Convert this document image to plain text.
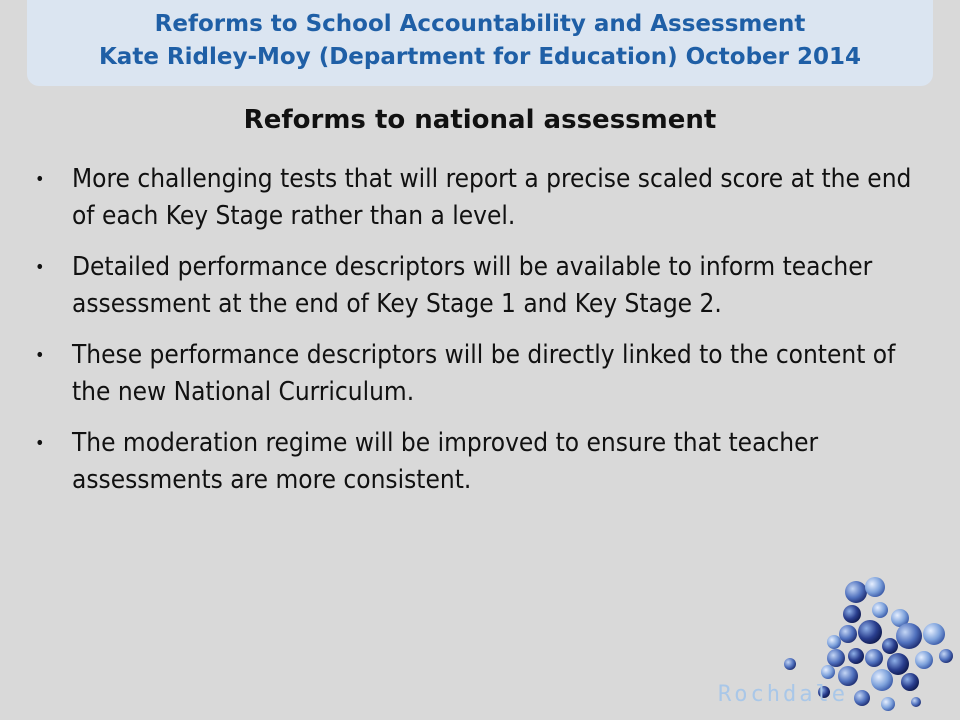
Reforms to School Accountability and Assessment
Kate Ridley-Moy (Department for Education) October 2014
Reforms to national assessment
• More challenging tests that will report a precise scaled score at the end of each Key Stage rather than a level.
• Detailed performance descriptors will be available to inform teacher assessment at the end of Key Stage 1 and Key Stage 2.
• These performance descriptors will be directly linked to the content of the new National Curriculum.
• The moderation regime will be improved to ensure that teacher assessments are more consistent.
Rochdale
